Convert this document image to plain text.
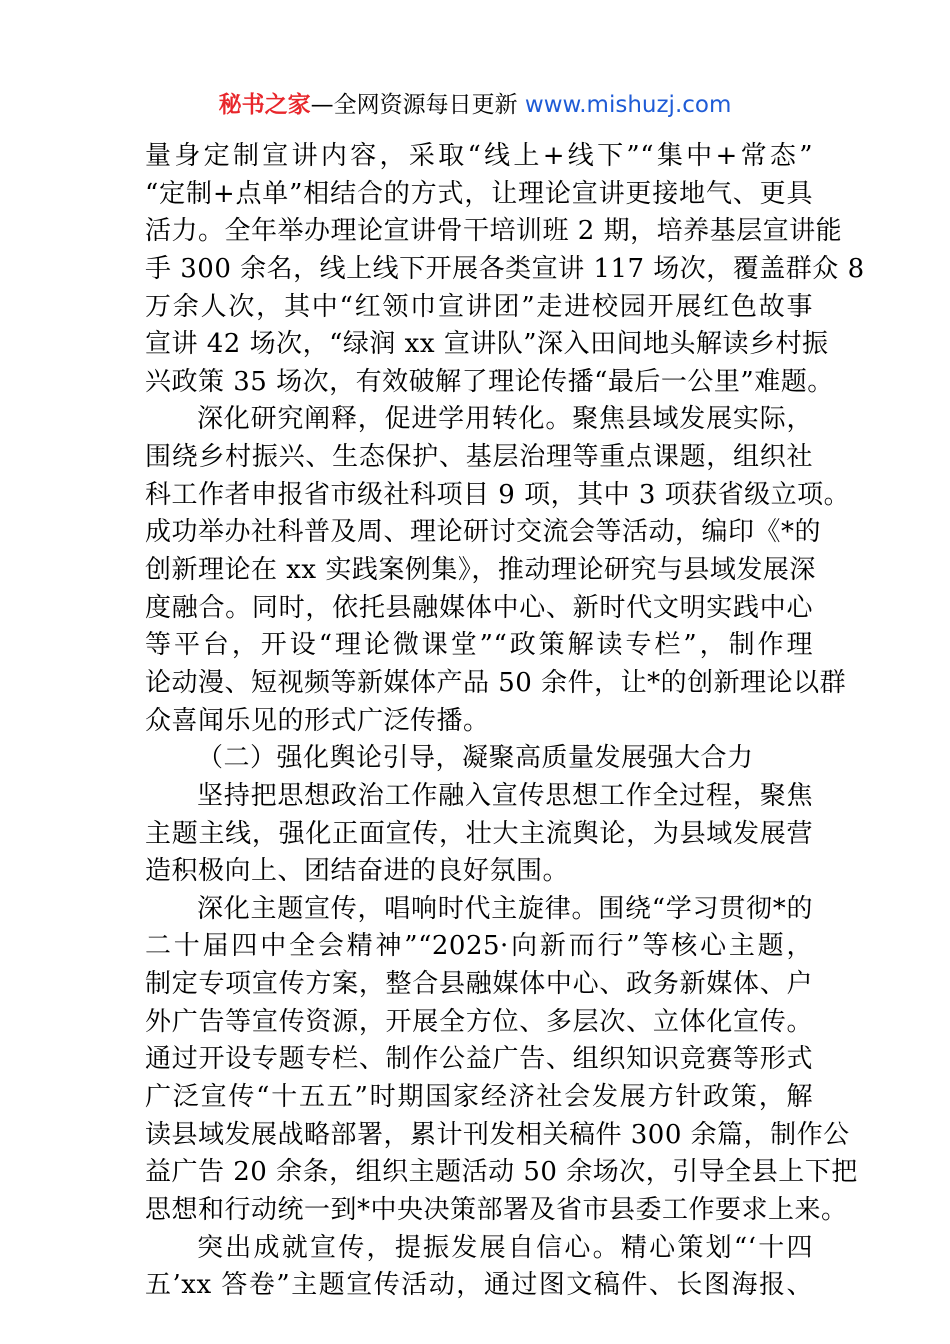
秘书之家—全网资源每日更新 www.mishuzj.com
量身定制宣讲内容，采取“线上+线下”“集中+常态”
“定制+点单”相结合的方式，让理论宣讲更接地气、更具
活力。全年举办理论宣讲骨干培训班 2 期，培养基层宣讲能
手 300 余名，线上线下开展各类宣讲 117 场次，覆盖群众 8
万余人次，其中“红领巾宣讲团”走进校园开展红色故事
宣讲 42 场次，“绿润 xx 宣讲队”深入田间地头解读乡村振
兴政策 35 场次，有效破解了理论传播“最后一公里”难题。
深化研究阐释，促进学用转化。聚焦县域发展实际，
围绕乡村振兴、生态保护、基层治理等重点课题，组织社
科工作者申报省市级社科项目 9 项，其中 3 项获省级立项。
成功举办社科普及周、理论研讨交流会等活动，编印《*的
创新理论在 xx 实践案例集》，推动理论研究与县域发展深
度融合。同时，依托县融媒体中心、新时代文明实践中心
等平台，开设“理论微课堂”“政策解读专栏”，制作理
论动漫、短视频等新媒体产品 50 余件，让*的创新理论以群
众喜闻乐见的形式广泛传播。
（二）强化舆论引导，凝聚高质量发展强大合力
坚持把思想政治工作融入宣传思想工作全过程，聚焦
主题主线，强化正面宣传，壮大主流舆论，为县域发展营
造积极向上、团结奋进的良好氛围。
深化主题宣传，唱响时代主旋律。围绕“学习贯彻*的
二十届四中全会精神”“2025·向新而行”等核心主题，
制定专项宣传方案，整合县融媒体中心、政务新媒体、户
外广告等宣传资源，开展全方位、多层次、立体化宣传。
通过开设专题专栏、制作公益广告、组织知识竞赛等形式
广泛宣传“十五五”时期国家经济社会发展方针政策，解
读县域发展战略部署，累计刊发相关稿件 300 余篇，制作公
益广告 20 余条，组织主题活动 50 余场次，引导全县上下把
思想和行动统一到*中央决策部署及省市县委工作要求上来。
突出成就宣传，提振发展自信心。精心策划“‘十四
五’xx 答卷”主题宣传活动，通过图文稿件、长图海报、
